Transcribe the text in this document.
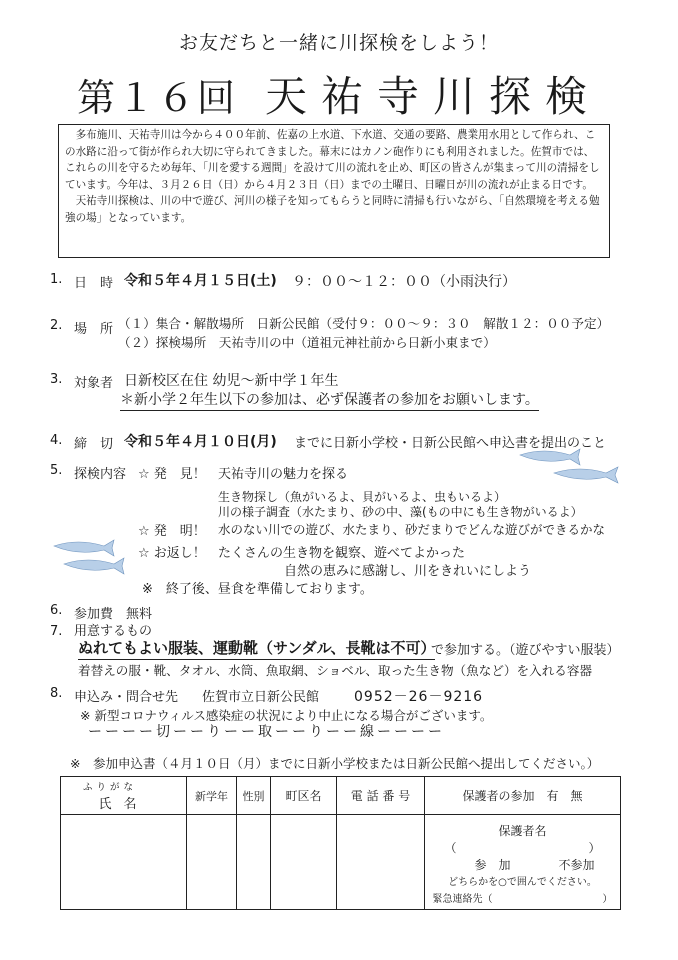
お友だちと一緒に川探検をしよう！
第１６回 天祐寺川探検

多布施川、天祐寺川は今から４００年前、佐嘉の上水道、下水道、交通の要路、農業用水用として作られ、この水路に沿って街が作られ大切に守られてきました。幕末にはカノン砲作りにも利用されました。佐賀市では、これらの川を守るため毎年、「川を愛する週間」を設けて川の流れを止め、町区の皆さんが集まって川の清掃をしています。今年は、３月２６日（日）から４月２３日（日）までの土曜日、日曜日が川の流れが止まる日です。

天祐寺川探検は、川の中で遊び、河川の様子を知ってもらうと同時に清掃も行いながら、「自然環境を考える勉強の場」となっています。

1. 日　時 令和５年４月１５日(土) ９：００～１２：００（小雨決行）
2. 場　所 （１）集合・解散場所　日新公民館（受付９：００～９：３０　解散１２：００予定）
（２）探検場所　天祐寺川の中（道祖元神社前から日新小東まで）
3. 対象者 日新校区在住 幼児～新中学１年生
＊新小学２年生以下の参加は、必ず保護者の参加をお願いします。
4. 締　切 令和５年４月１０日(月) までに日新小学校・日新公民館へ申込書を提出のこと
5. 探検内容 ☆ 発　見！ 天祐寺川の魅力を探る
生き物探し（魚がいるよ、貝がいるよ、虫もいるよ）
川の様子調査（水たまり、砂の中、藻(もの中にも生き物がいるよ）
☆ 発　明！ 水のない川での遊び、水たまり、砂だまりでどんな遊びができるかな
☆ お返し！ たくさんの生き物を観察、遊べてよかった
自然の恵みに感謝し、川をきれいにしよう
※　終了後、昼食を準備しております。
6. 参加費　無料
7. 用意するもの
ぬれてもよい服装、運動靴（サンダル、長靴は不可）
で参加する。（遊びやすい服装）
着替えの服・靴、タオル、水筒、魚取網、ショベル、取った生き物（魚など）を入れる容器
8. 申込み・問合せ先 佐賀市立日新公民館 0952－26－9216
※ 新型コロナウィルス感染症の状況により中止になる場合がございます。
ーーーー切ーーりーー取ーーりーー線ーーーー
※　参加申込書（４月１０日（月）までに日新小学校または日新公民館へ提出してください。）
ふりがな
氏名	新学年	性別	町区名	電 話 番 号	保護者の参加　有　無

					保護者名（　　　　　　　　　　　）
参　加　　　　不参加
どちらかを○で囲んでください。
緊急連絡先（　　　　　　　　　　　）
